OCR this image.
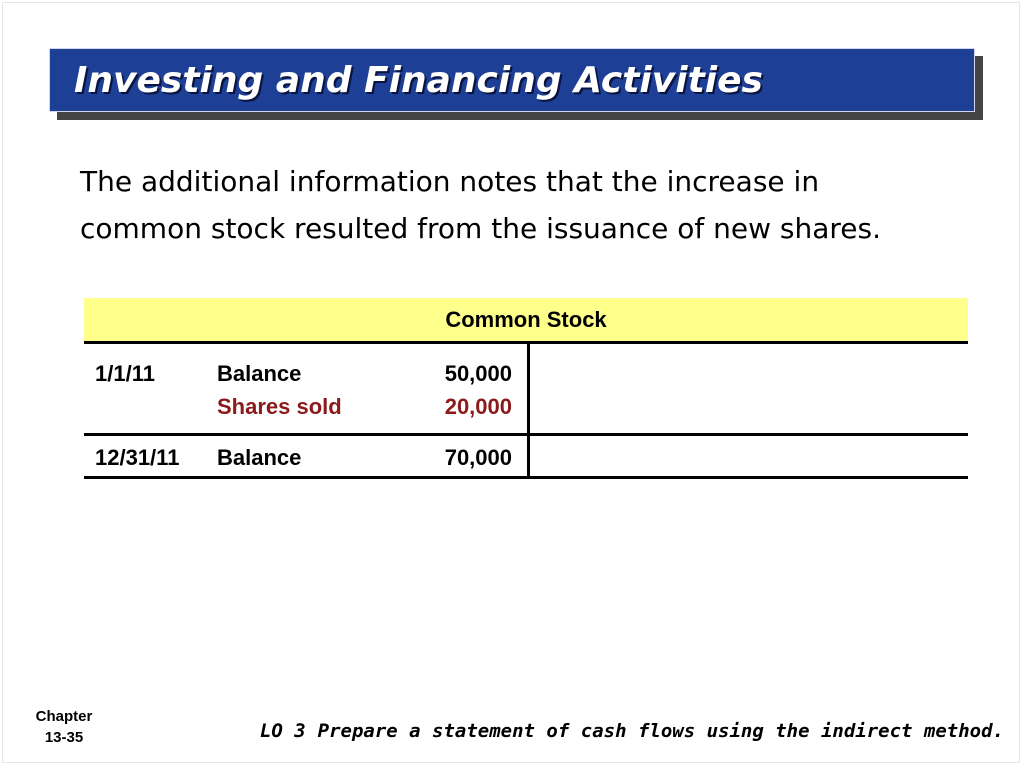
Investing and Financing Activities
The additional information notes that the increase in
common stock resulted from the issuance of new shares.
Common Stock
1/1/11	Balance	50,000
Shares sold	20,000
12/31/11 Balance	70,000
Chapter
13-35	LO 3 Prepare a statement of cash flows using the indirect method.
